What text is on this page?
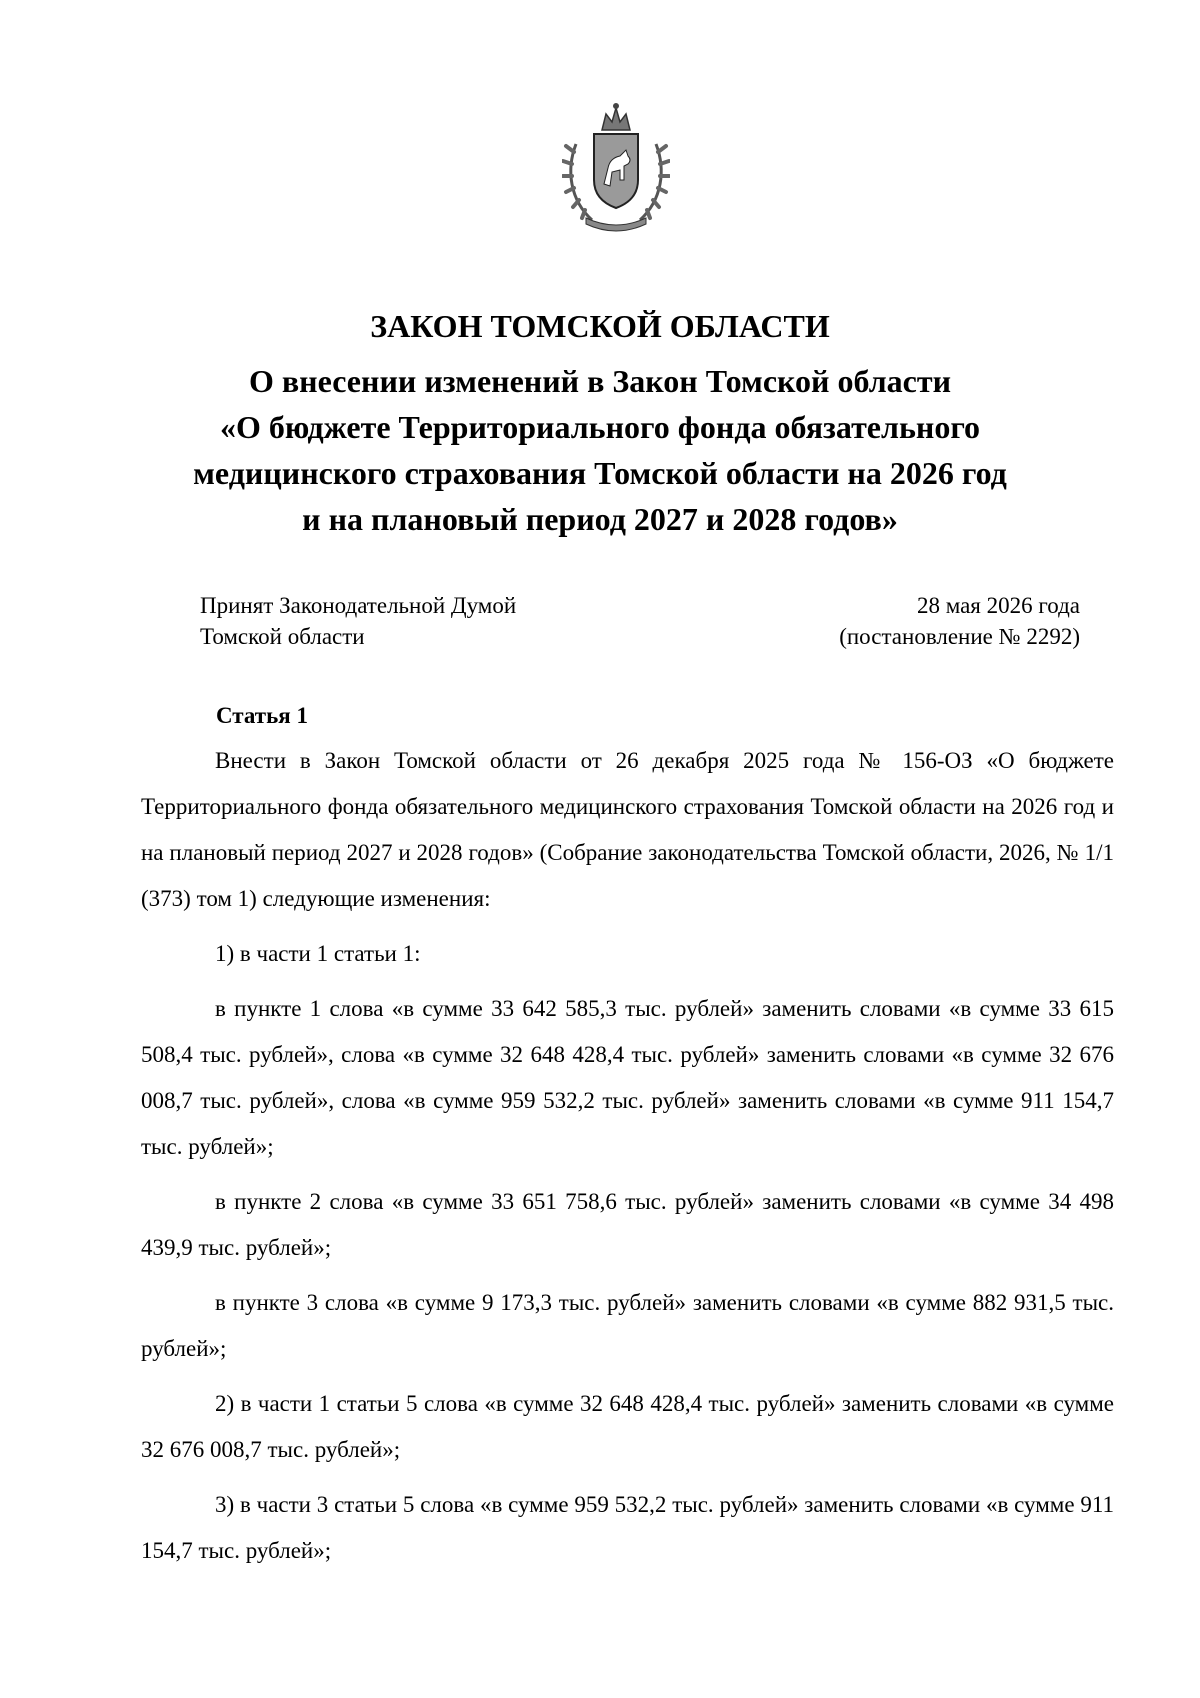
ЗАКОН ТОМСКОЙ ОБЛАСТИ
О внесении изменений в Закон Томской области
«О бюджете Территориального фонда обязательного
медицинского страхования Томской области на 2026 год
и на плановый период 2027 и 2028 годов»
Принят Законодательной Думой
Томской области
28 мая 2026 года
(постановление № 2292)
Статья 1

Внести в Закон Томской области от 26 декабря 2025 года № 156-ОЗ «О бюджете Территориального фонда обязательного медицинского страхования Томской области на 2026 год и на плановый период 2027 и 2028 годов» (Собрание законодательства Томской области, 2026, № 1/1 (373) том 1) следующие изменения:

1) в части 1 статьи 1:

в пункте 1 слова «в сумме 33 642 585,3 тыс. рублей» заменить словами «в сумме 33 615 508,4 тыс. рублей», слова «в сумме 32 648 428,4 тыс. рублей» заменить словами «в сумме 32 676 008,7 тыс. рублей», слова «в сумме 959 532,2 тыс. рублей» заменить словами «в сумме 911 154,7 тыс. рублей»;

в пункте 2 слова «в сумме 33 651 758,6 тыс. рублей» заменить словами «в сумме 34 498 439,9 тыс. рублей»;

в пункте 3 слова «в сумме 9 173,3 тыс. рублей» заменить словами «в сумме 882 931,5 тыс. рублей»;

2) в части 1 статьи 5 слова «в сумме 32 648 428,4 тыс. рублей» заменить словами «в сумме 32 676 008,7 тыс. рублей»;

3) в части 3 статьи 5 слова «в сумме 959 532,2 тыс. рублей» заменить словами «в сумме 911 154,7 тыс. рублей»;
